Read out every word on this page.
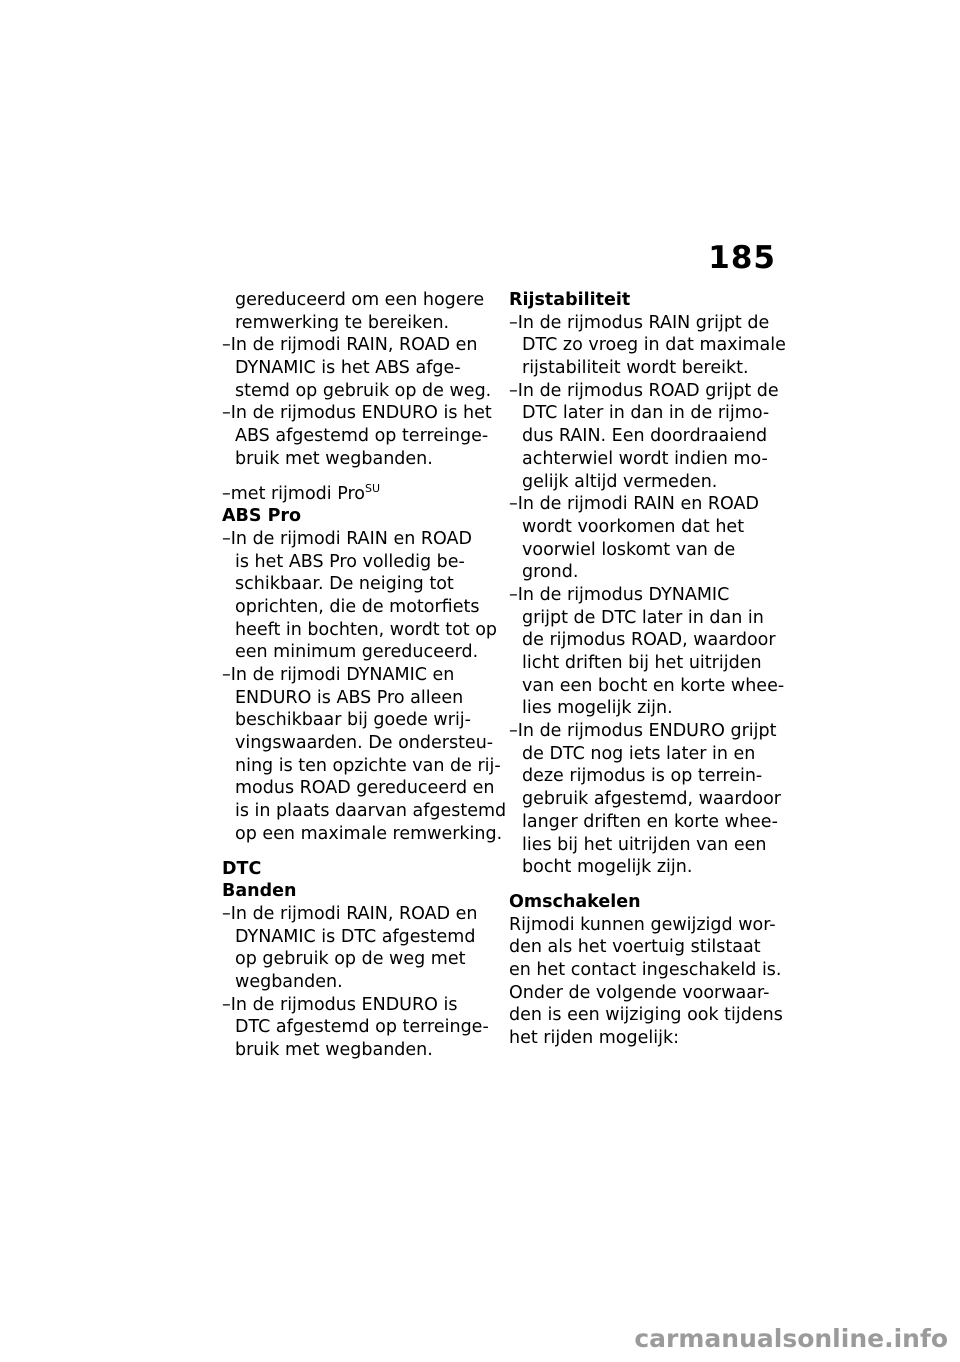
185
gereduceerd om een hogere
remwerking te bereiken.
–In de rijmodi RAIN, ROAD en
DYNAMIC is het ABS afge-
stemd op gebruik op de weg.
–In de rijmodus ENDURO is het
ABS afgestemd op terreinge-
bruik met wegbanden.
–met rijmodi Pro$^{SU}$
ABS Pro
–In de rijmodi RAIN en ROAD
is het ABS Pro volledig be-
schikbaar. De neiging tot
oprichten, die de motorfiets
heeft in bochten, wordt tot op
een minimum gereduceerd.
–In de rijmodi DYNAMIC en
ENDURO is ABS Pro alleen
beschikbaar bij goede wrij-
vingswaarden. De ondersteu-
ning is ten opzichte van de rij-
modus ROAD gereduceerd en
is in plaats daarvan afgestemd
op een maximale remwerking.
DTC
Banden
–In de rijmodi RAIN, ROAD en
DYNAMIC is DTC afgestemd
op gebruik op de weg met
wegbanden.
–In de rijmodus ENDURO is
DTC afgestemd op terreinge-
bruik met wegbanden.
Rijstabiliteit
–In de rijmodus RAIN grijpt de
DTC zo vroeg in dat maximale
rijstabiliteit wordt bereikt.
–In de rijmodus ROAD grijpt de
DTC later in dan in de rijmo-
dus RAIN. Een doordraaiend
achterwiel wordt indien mo-
gelijk altijd vermeden.
–In de rijmodi RAIN en ROAD
wordt voorkomen dat het
voorwiel loskomt van de
grond.
–In de rijmodus DYNAMIC
grijpt de DTC later in dan in
de rijmodus ROAD, waardoor
licht driften bij het uitrijden
van een bocht en korte whee-
lies mogelijk zijn.
–In de rijmodus ENDURO grijpt
de DTC nog iets later in en
deze rijmodus is op terrein-
gebruik afgestemd, waardoor
langer driften en korte whee-
lies bij het uitrijden van een
bocht mogelijk zijn.
Omschakelen
Rijmodi kunnen gewijzigd wor-
den als het voertuig stilstaat
en het contact ingeschakeld is.
Onder de volgende voorwaar-
den is een wijziging ook tijdens
het rijden mogelijk:
carmanualsonline.info
